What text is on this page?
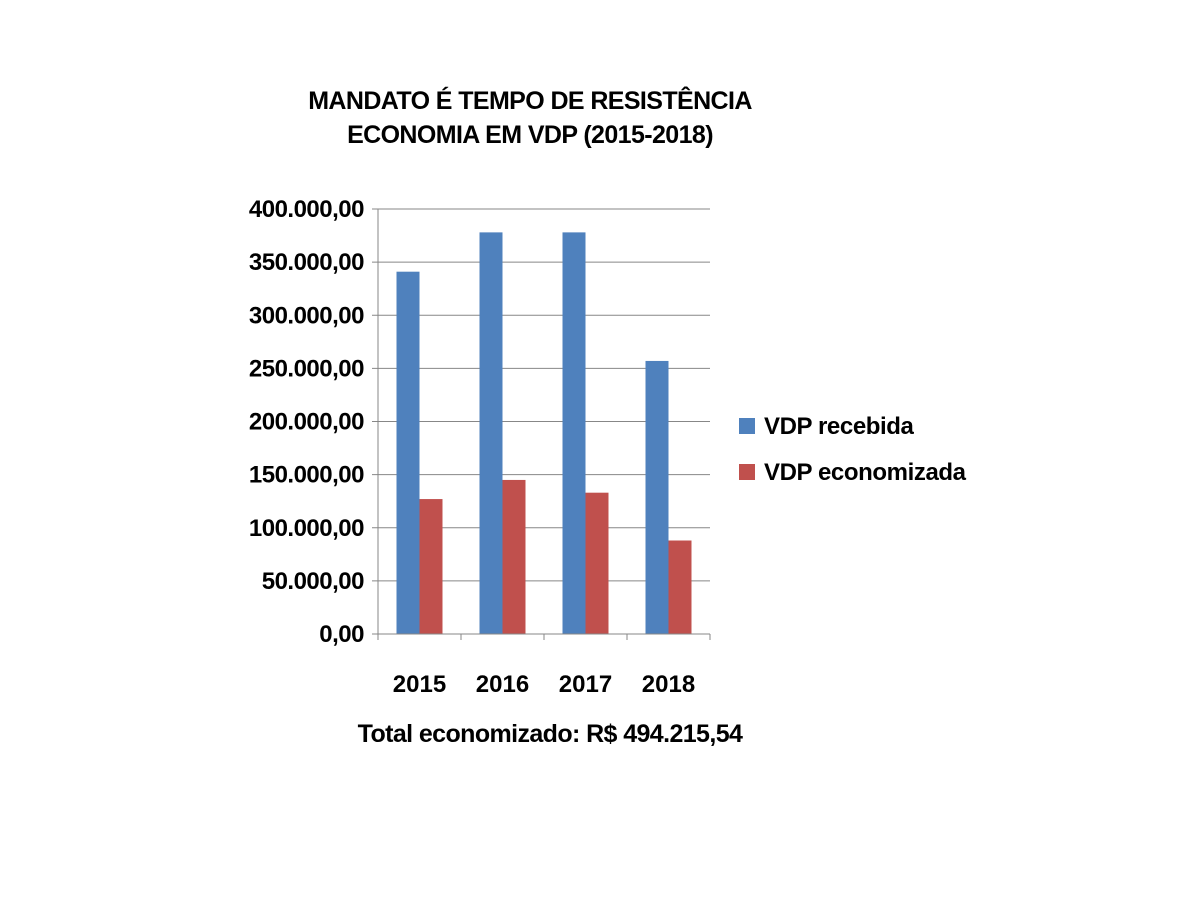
MANDATO É TEMPO DE RESISTÊNCIA
ECONOMIA EM VDP (2015-2018)
0,00
50.000,00
100.000,00
150.000,00
200.000,00
250.000,00
300.000,00
350.000,00
400.000,00
2015 2016 2017 2018
VDP recebida
VDP economizada
Total economizado: R$ 494.215,54
